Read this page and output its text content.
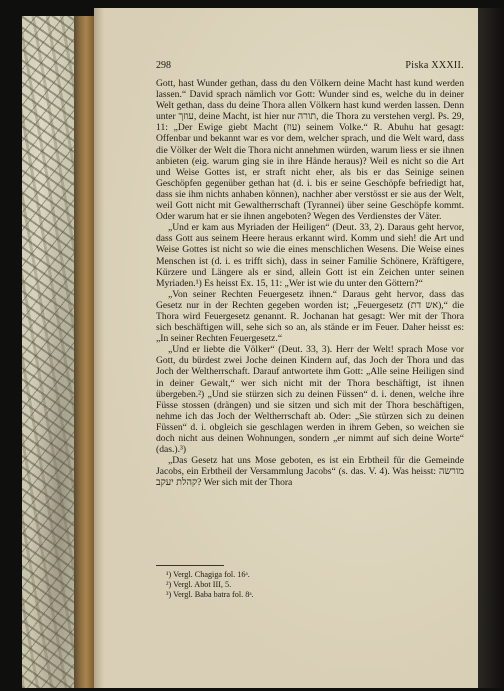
298	Piska XXXII.

Gott, hast Wunder gethan, dass du den Völkern deine Macht hast kund werden lassen.“ David sprach nämlich vor Gott: Wunder sind es, welche du in deiner Welt gethan, dass du deine Thora allen Völkern hast kund werden lassen. Denn unter עוזך, deine Macht, ist hier nur תורה, die Thora zu verstehen vergl. Ps. 29, 11: „Der Ewige giebt Macht (עוז) seinem Volke.“ R. Abuhu hat gesagt: Offenbar und bekannt war es vor dem, welcher sprach, und die Welt ward, dass die Völker der Welt die Thora nicht annehmen würden, warum liess er sie ihnen anbieten (eig. warum ging sie in ihre Hände heraus)? Weil es nicht so die Art und Weise Gottes ist, er straft nicht eher, als bis er das Seinige seinen Geschöpfen gegenüber gethan hat (d. i. bis er seine Geschöpfe befriedigt hat, dass sie ihm nichts anhaben können), nachher aber verstösst er sie aus der Welt, weil Gott nicht mit Gewaltherrschaft (Tyrannei) über seine Geschöpfe kommt. Oder warum hat er sie ihnen angeboten? Wegen des Verdienstes der Väter.

„Und er kam aus Myriaden der Heiligen“ (Deut. 33, 2). Daraus geht hervor, dass Gott aus seinem Heere heraus erkannt wird. Komm und sieh! die Art und Weise Gottes ist nicht so wie die eines menschlichen Wesens. Die Weise eines Menschen ist (d. i. es trifft sich), dass in seiner Familie Schönere, Kräftigere, Kürzere und Längere als er sind, allein Gott ist ein Zeichen unter seinen Myriaden.¹) Es heisst Ex. 15, 11: „Wer ist wie du unter den Göttern?“

„Von seiner Rechten Feuergesetz ihnen.“ Daraus geht hervor, dass das Gesetz nur in der Rechten gegeben worden ist; „Feuergesetz (אש דת),“ die Thora wird Feuergesetz genannt. R. Jochanan hat gesagt: Wer mit der Thora sich beschäftigen will, sehe sich so an, als stände er im Feuer. Daher heisst es: „In seiner Rechten Feuergesetz.“

„Und er liebte die Völker“ (Deut. 33, 3). Herr der Welt! sprach Mose vor Gott, du bürdest zwei Joche deinen Kindern auf, das Joch der Thora und das Joch der Weltherrschaft. Darauf antwortete ihm Gott: „Alle seine Heiligen sind in deiner Gewalt,“ wer sich nicht mit der Thora beschäftigt, ist ihnen übergeben.²) „Und sie stürzen sich zu deinen Füssen“ d. i. denen, welche ihre Füsse stossen (drängen) und sie sitzen und sich mit der Thora beschäftigen, nehme ich das Joch der Weltherrschaft ab. Oder: „Sie stürzen sich zu deinen Füssen“ d. i. obgleich sie geschlagen werden in ihrem Geben, so weichen sie doch nicht aus deinen Wohnungen, sondern „er nimmt auf sich deine Worte“ (das.).³)

„Das Gesetz hat uns Mose geboten, es ist ein Erbtheil für die Gemeinde Jacobs, ein Erbtheil der Versammlung Jacobs“ (s. das. V. 4). Was heisst: מורשה קהלת יעקב? Wer sich mit der Thora

¹) Vergl. Chagiga fol. 16ᵃ.
²) Vergl. Abot III, 5.
³) Vergl. Baba batra fol. 8ᵃ.
